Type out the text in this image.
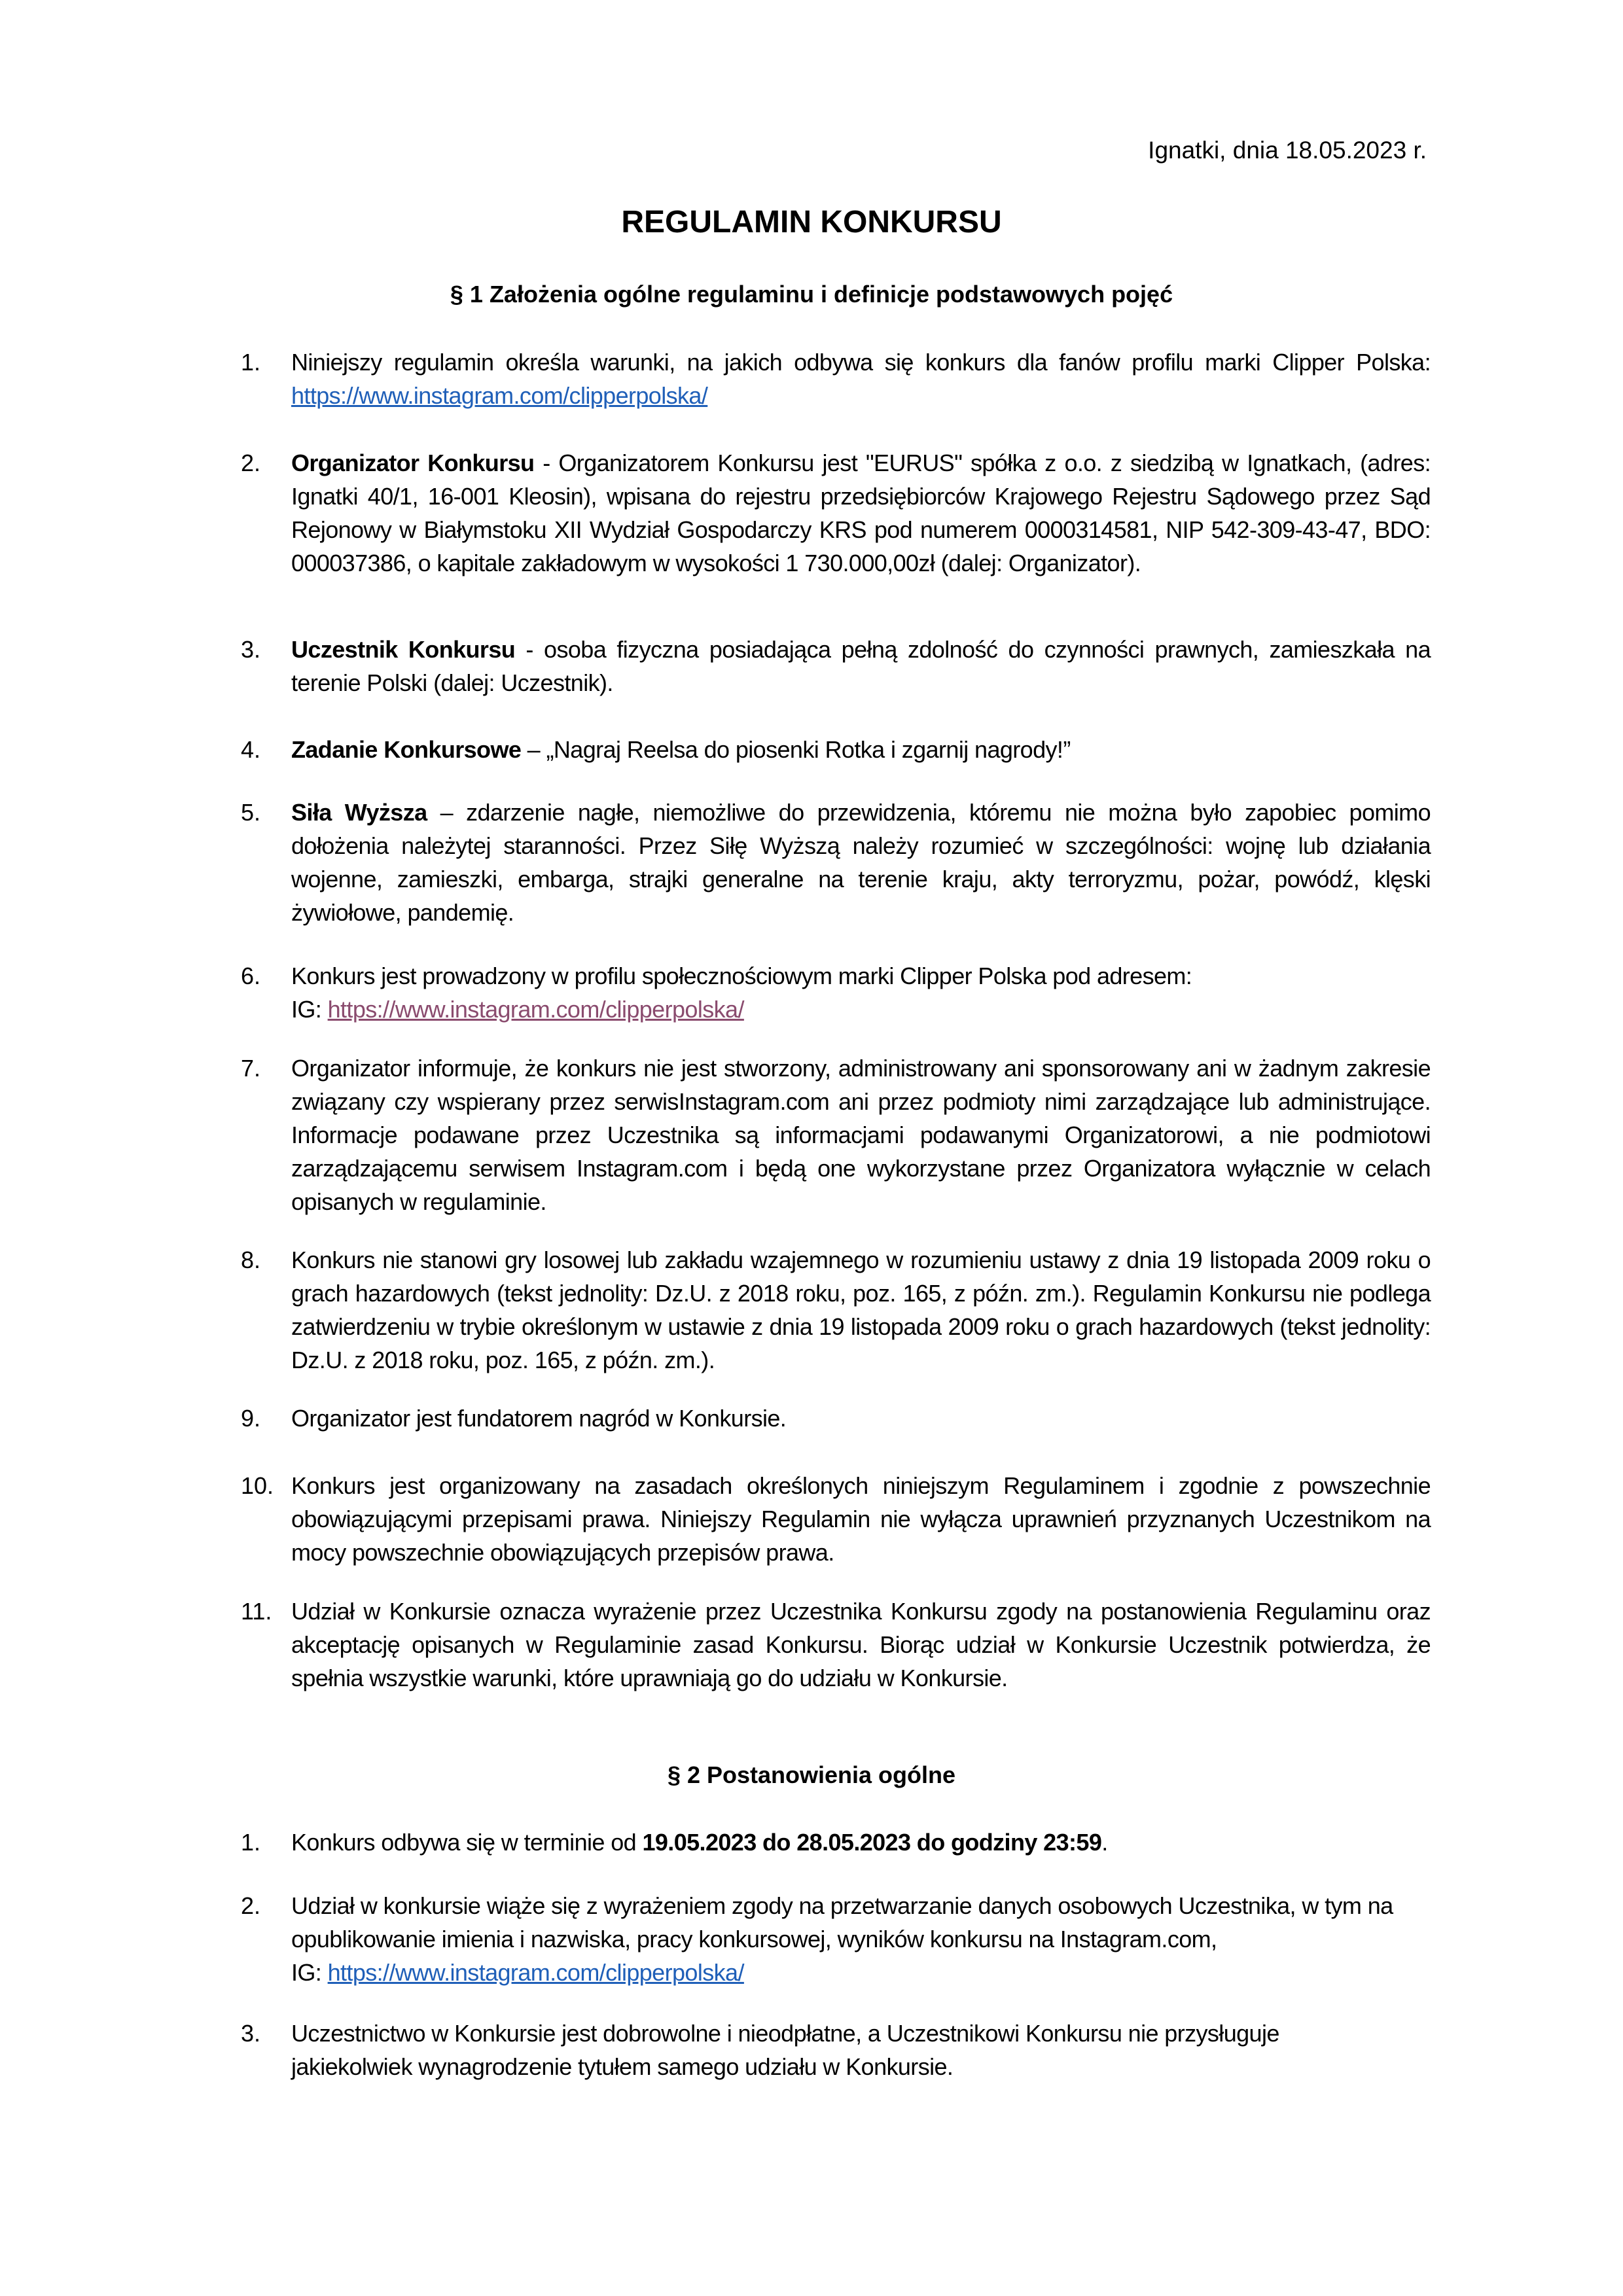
Ignatki, dnia 18.05.2023 r.
REGULAMIN KONKURSU
§ 1 Założenia ogólne regulaminu i definicje podstawowych pojęć
1.	Niniejszy regulamin określa warunki, na jakich odbywa się konkurs dla fanów profilu marki Clipper Polska: https://www.instagram.com/clipperpolska/
2.	Organizator Konkursu - Organizatorem Konkursu jest "EURUS" spółka z o.o. z siedzibą w Ignatkach, (adres: Ignatki 40/1, 16-001 Kleosin), wpisana do rejestru przedsiębiorców Krajowego Rejestru Sądowego przez Sąd Rejonowy w Białymstoku XII Wydział Gospodarczy KRS pod numerem 0000314581, NIP 542-309-43-47, BDO: 000037386, o kapitale zakładowym w wysokości 1 730.000,00zł (dalej: Organizator).
3.	Uczestnik Konkursu - osoba fizyczna posiadająca pełną zdolność do czynności prawnych, zamieszkała na terenie Polski (dalej: Uczestnik).
4.	Zadanie Konkursowe – „Nagraj Reelsa do piosenki Rotka i zgarnij nagrody!”
5.	Siła Wyższa – zdarzenie nagłe, niemożliwe do przewidzenia, któremu nie można było zapobiec pomimo dołożenia należytej staranności. Przez Siłę Wyższą należy rozumieć w szczególności: wojnę lub działania wojenne, zamieszki, embarga, strajki generalne na terenie kraju, akty terroryzmu, pożar, powódź, klęski żywiołowe, pandemię.
6.	Konkurs jest prowadzony w profilu społecznościowym marki Clipper Polska pod adresem:
IG: https://www.instagram.com/clipperpolska/
7.	Organizator informuje, że konkurs nie jest stworzony, administrowany ani sponsorowany ani w żadnym zakresie związany czy wspierany przez serwisInstagram.com ani przez podmioty nimi zarządzające lub administrujące. Informacje podawane przez Uczestnika są informacjami podawanymi Organizatorowi, a nie podmiotowi zarządzającemu serwisem Instagram.com i będą one wykorzystane przez Organizatora wyłącznie w celach opisanych w regulaminie.
8.	Konkurs nie stanowi gry losowej lub zakładu wzajemnego w rozumieniu ustawy z dnia 19 listopada 2009 roku o grach hazardowych (tekst jednolity: Dz.U. z 2018 roku, poz. 165, z późn. zm.). Regulamin Konkursu nie podlega zatwierdzeniu w trybie określonym w ustawie z dnia 19 listopada 2009 roku o grach hazardowych (tekst jednolity: Dz.U. z 2018 roku, poz. 165, z późn. zm.).
9.	Organizator jest fundatorem nagród w Konkursie.
10. Konkurs jest organizowany na zasadach określonych niniejszym Regulaminem i zgodnie z powszechnie obowiązującymi przepisami prawa. Niniejszy Regulamin nie wyłącza uprawnień przyznanych Uczestnikom na mocy powszechnie obowiązujących przepisów prawa.
11. Udział w Konkursie oznacza wyrażenie przez Uczestnika Konkursu zgody na postanowienia Regulaminu oraz akceptację opisanych w Regulaminie zasad Konkursu. Biorąc udział w Konkursie Uczestnik potwierdza, że spełnia wszystkie warunki, które uprawniają go do udziału w Konkursie.
§ 2 Postanowienia ogólne
1.	Konkurs odbywa się w terminie od 19.05.2023 do 28.05.2023 do godziny 23:59.
2.	Udział w konkursie wiąże się z wyrażeniem zgody na przetwarzanie danych osobowych Uczestnika, w tym na opublikowanie imienia i nazwiska, pracy konkursowej, wyników konkursu na Instagram.com,
IG: https://www.instagram.com/clipperpolska/
3.	Uczestnictwo w Konkursie jest dobrowolne i nieodpłatne, a Uczestnikowi Konkursu nie przysługuje jakiekolwiek wynagrodzenie tytułem samego udziału w Konkursie.
